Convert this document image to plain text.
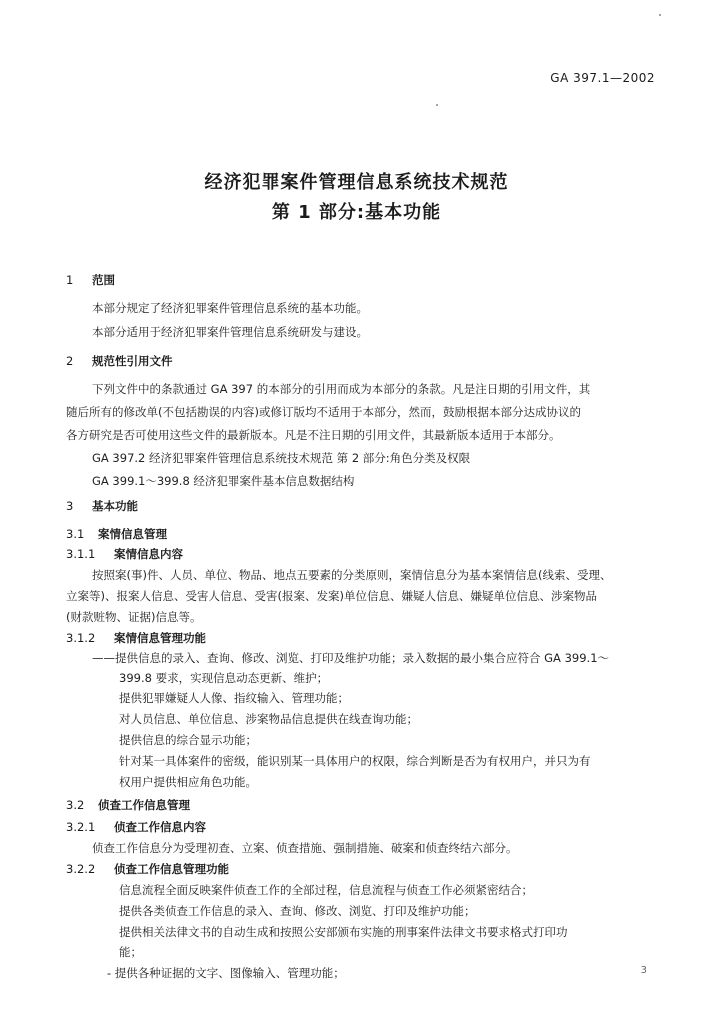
GA 397.1—2002
经济犯罪案件管理信息系统技术规范
第 1 部分:基本功能
1 范围
本部分规定了经济犯罪案件管理信息系统的基本功能。
本部分适用于经济犯罪案件管理信息系统研发与建设。
2 规范性引用文件
下列文件中的条款通过 GA 397 的本部分的引用而成为本部分的条款。凡是注日期的引用文件，其
随后所有的修改单(不包括勘误的内容)或修订版均不适用于本部分，然而，鼓励根据本部分达成协议的
各方研究是否可使用这些文件的最新版本。凡是不注日期的引用文件，其最新版本适用于本部分。
GA 397.2 经济犯罪案件管理信息系统技术规范 第 2 部分:角色分类及权限
GA 399.1～399.8 经济犯罪案件基本信息数据结构
3 基本功能
3.1 案情信息管理
3.1.1 案情信息内容
按照案(事)件、人员、单位、物品、地点五要素的分类原则，案情信息分为基本案情信息(线索、受理、
立案等)、报案人信息、受害人信息、受害(报案、发案)单位信息、嫌疑人信息、嫌疑单位信息、涉案物品
(财款赃物、证据)信息等。
3.1.2 案情信息管理功能
——提供信息的录入、查询、修改、浏览、打印及维护功能；录入数据的最小集合应符合 GA 399.1～
399.8 要求，实现信息动态更新、维护；
提供犯罪嫌疑人人像、指纹输入、管理功能；
对人员信息、单位信息、涉案物品信息提供在线查询功能；
提供信息的综合显示功能；
针对某一具体案件的密级，能识别某一具体用户的权限，综合判断是否为有权用户，并只为有
权用户提供相应角色功能。
3.2 侦查工作信息管理
3.2.1 侦查工作信息内容
侦查工作信息分为受理初查、立案、侦查措施、强制措施、破案和侦查终结六部分。
3.2.2 侦查工作信息管理功能
信息流程全面反映案件侦查工作的全部过程，信息流程与侦查工作必须紧密结合；
提供各类侦查工作信息的录入、查询、修改、浏览、打印及维护功能；
提供相关法律文书的自动生成和按照公安部颁布实施的刑事案件法律文书要求格式打印功
能；
- 提供各种证据的文字、图像输入、管理功能；	3
